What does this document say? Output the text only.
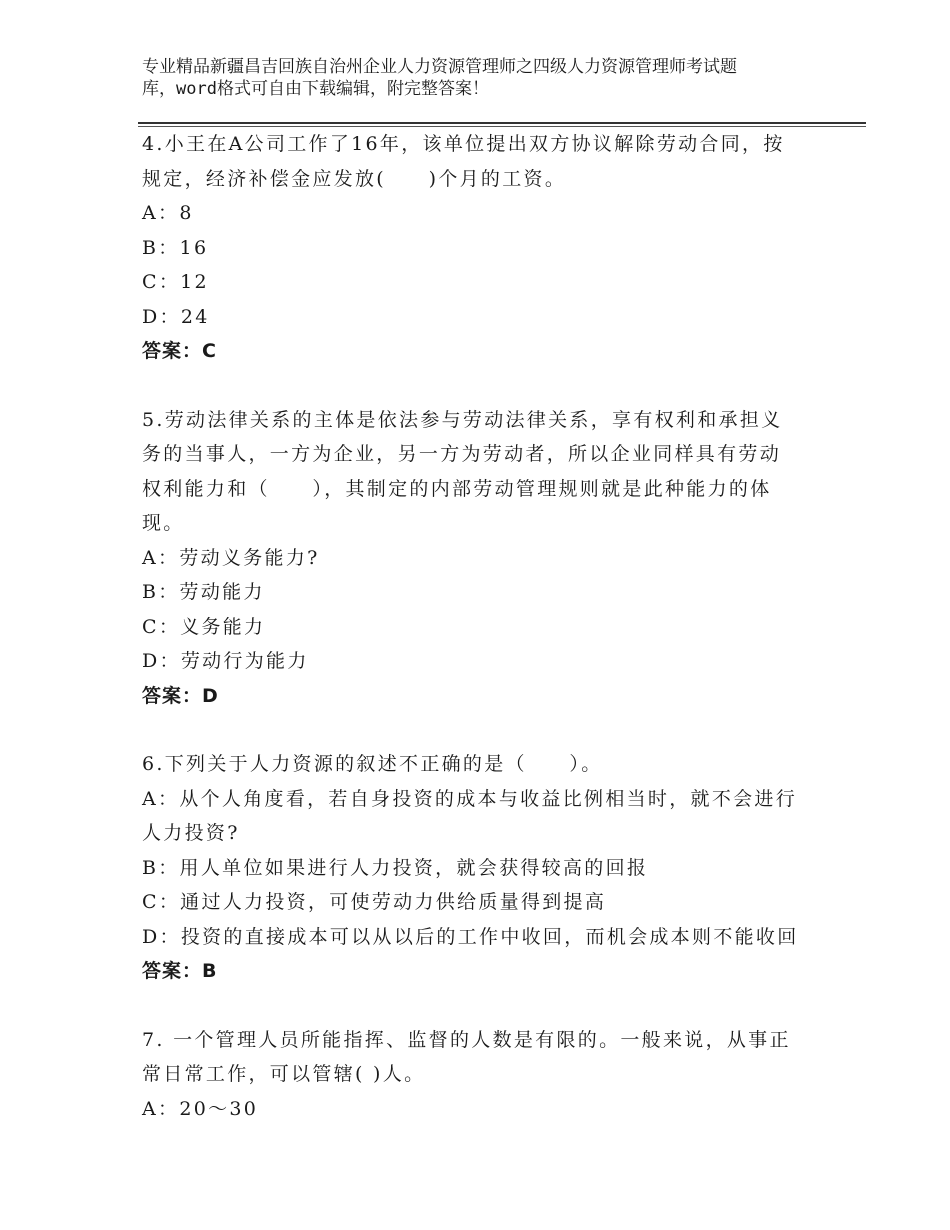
专业精品新疆昌吉回族自治州企业人力资源管理师之四级人力资源管理师考试题
库，word格式可自由下载编辑，附完整答案！
4.小王在A公司工作了16年，该单位提出双方协议解除劳动合同，按
规定，经济补偿金应发放(　　)个月的工资。
A：8
B：16
C：12
D：24
答案：C
5.劳动法律关系的主体是依法参与劳动法律关系，享有权利和承担义
务的当事人，一方为企业，另一方为劳动者，所以企业同样具有劳动
权利能力和（　　），其制定的内部劳动管理规则就是此种能力的体
现。
A：劳动义务能力?
B：劳动能力
C：义务能力
D：劳动行为能力
答案：D
6.下列关于人力资源的叙述不正确的是（　　）。
A：从个人角度看，若自身投资的成本与收益比例相当时，就不会进行
人力投资?
B：用人单位如果进行人力投资，就会获得较高的回报
C：通过人力投资，可使劳动力供给质量得到提高
D：投资的直接成本可以从以后的工作中收回，而机会成本则不能收回
答案：B
7. 一个管理人员所能指挥、监督的人数是有限的。一般来说，从事正
常日常工作，可以管辖( )人。
A：20～30
